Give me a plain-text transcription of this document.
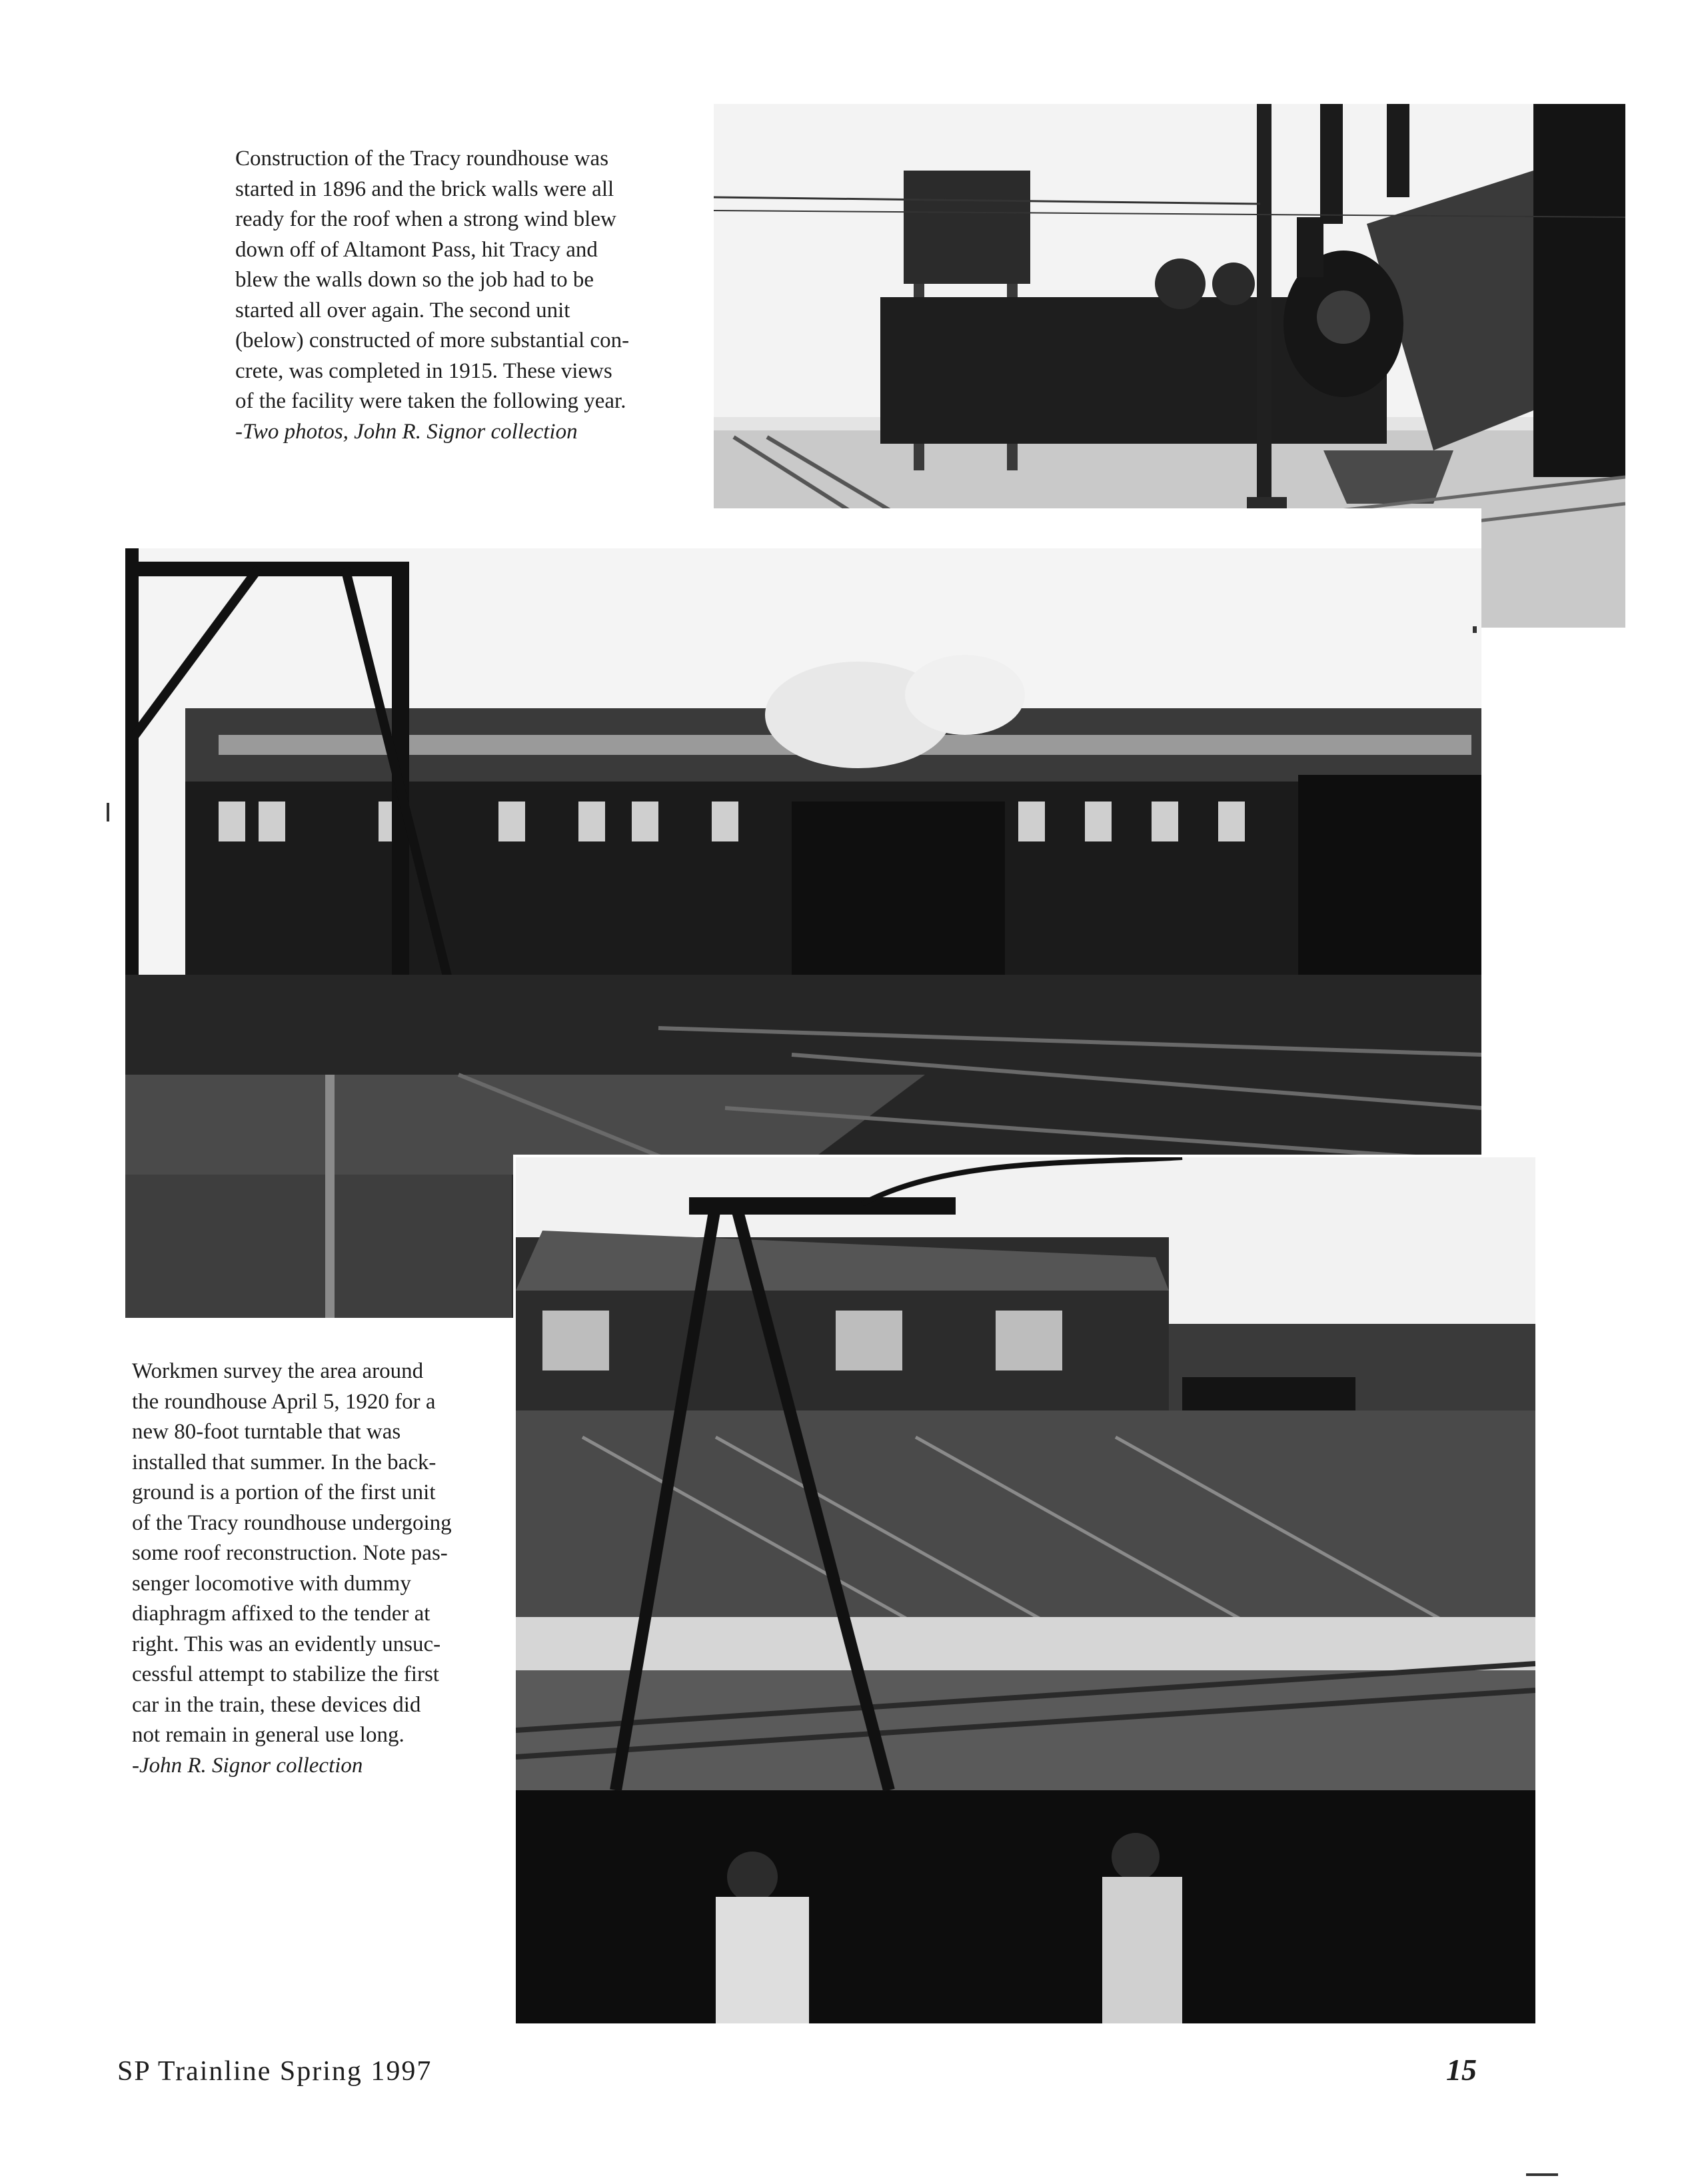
Construction of the Tracy roundhouse was
started in 1896 and the brick walls were all
ready for the roof when a strong wind blew
down off of Altamont Pass, hit Tracy and
blew the walls down so the job had to be
started all over again. The second unit
(below) constructed of more substantial con-
crete, was completed in 1915. These views
of the facility were taken the following year.
-Two photos, John R. Signor collection
Workmen survey the area around
the roundhouse April 5, 1920 for a
new 80-foot turntable that was
installed that summer. In the back-
ground is a portion of the first unit
of the Tracy roundhouse undergoing
some roof reconstruction. Note pas-
senger locomotive with dummy
diaphragm affixed to the tender at
right. This was an evidently unsuc-
cessful attempt to stabilize the first
car in the train, these devices did
not remain in general use long.
-John R. Signor collection
SP Trainline Spring 1997	15
